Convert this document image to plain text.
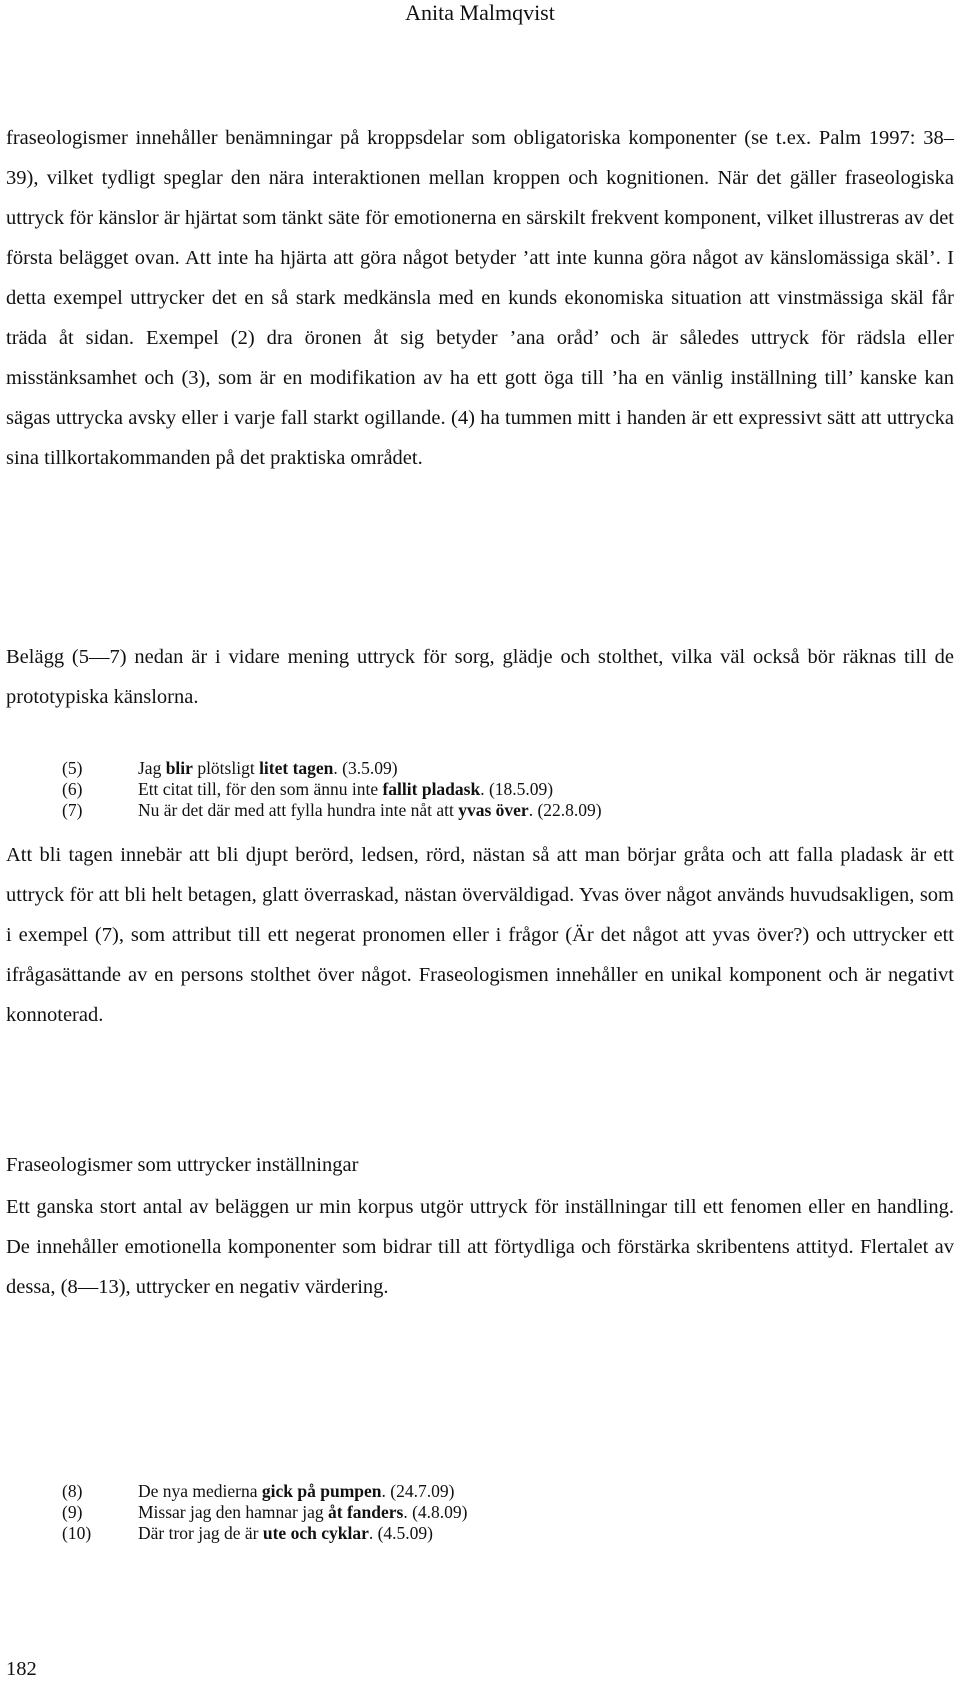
Anita Malmqvist

fraseologismer innehåller benämningar på kroppsdelar som obligatoriska komponenter (se t.ex. Palm 1997: 38–39), vilket tydligt speglar den nära interaktionen mellan kroppen och kognitionen. När det gäller fraseologiska uttryck för känslor är hjärtat som tänkt säte för emotionerna en särskilt frekvent komponent, vilket illustreras av det första belägget ovan. Att inte ha hjärta att göra något betyder ’att inte kunna göra något av känslomässiga skäl’. I detta exempel uttrycker det en så stark medkänsla med en kunds ekonomiska situation att vinstmässiga skäl får träda åt sidan. Exempel (2) dra öronen åt sig betyder ’ana oråd’ och är således uttryck för rädsla eller misstänksamhet och (3), som är en modifikation av ha ett gott öga till ’ha en vänlig inställning till’ kanske kan sägas uttrycka avsky eller i varje fall starkt ogillande. (4) ha tummen mitt i handen är ett expressivt sätt att uttrycka sina tillkortakommanden på det praktiska området.

Belägg (5—7) nedan är i vidare mening uttryck för sorg, glädje och stolthet, vilka väl också bör räknas till de prototypiska känslorna.

(5)	Jag blir plötsligt litet tagen. (3.5.09)
(6)	Ett citat till, för den som ännu inte fallit pladask. (18.5.09)
(7)	Nu är det där med att fylla hundra inte nåt att yvas över. (22.8.09)

Att bli tagen innebär att bli djupt berörd, ledsen, rörd, nästan så att man börjar gråta och att falla pladask är ett uttryck för att bli helt betagen, glatt överraskad, nästan överväldigad. Yvas över något används huvudsakligen, som i exempel (7), som attribut till ett negerat pronomen eller i frågor (Är det något att yvas över?) och uttrycker ett ifrågasättande av en persons stolthet över något. Fraseologismen innehåller en unikal komponent och är negativt konnoterad.

Fraseologismer som uttrycker inställningar

Ett ganska stort antal av beläggen ur min korpus utgör uttryck för inställningar till ett fenomen eller en handling. De innehåller emotionella komponenter som bidrar till att förtydliga och förstärka skribentens attityd. Flertalet av dessa, (8—13), uttrycker en negativ värdering.

(8)	De nya medierna gick på pumpen. (24.7.09)
(9)	Missar jag den hamnar jag åt fanders. (4.8.09)
(10)	Där tror jag de är ute och cyklar. (4.5.09)
182
